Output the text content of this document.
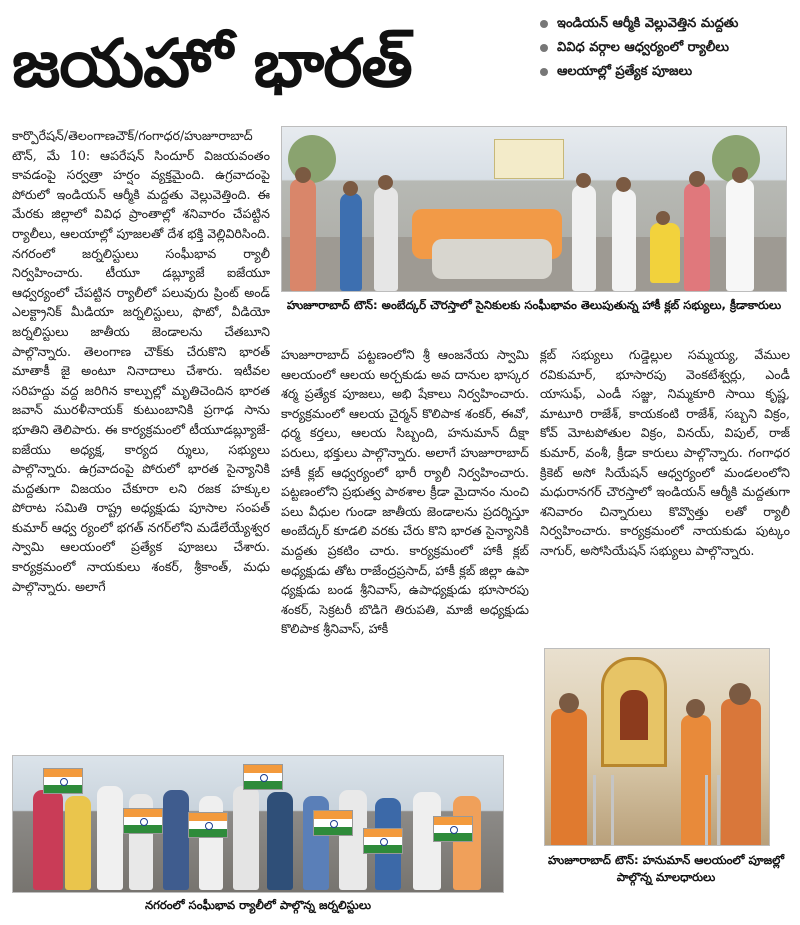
జయహో భారత్
ఇండియన్ ఆర్మీకి వెల్లువెత్తిన మద్దతు
వివిధ వర్గాల ఆధ్వర్యంలో ర్యాలీలు
ఆలయాల్లో ప్రత్యేక పూజలు
కార్పొరేషన్/తెలంగాణచౌక్/గంగాధర/హుజూరాబాద్ టౌన్, మే 10: ఆపరేషన్ సిందూర్ విజయవంతం కావడంపై సర్వత్రా హర్షం వ్యక్తమైంది. ఉగ్రవాదంపై పోరులో ఇండియన్ ఆర్మీకి మద్దతు వెల్లువెత్తింది. ఈ మేరకు జిల్లాలో వివిధ ప్రాంతాల్లో శనివారం చేపట్టిన ర్యాలీలు, ఆలయాల్లో పూజలతో దేశ భక్తి వెల్లివిరిసింది. నగరంలో జర్నలిస్టులు సంఘీభావ ర్యాలీ నిర్వహించారు. టీయూ డబ్ల్యూజే ఐజేయూ ఆధ్వర్యంలో చేపట్టిన ర్యాలీలో పలువురు ప్రింట్ అండ్ ఎలక్ట్రానిక్ మీడియా జర్నలిస్టులు, ఫొటో, వీడియో జర్నలిస్టులు జాతీయ జెండాలను చేతబూని పాల్గొన్నారు. తెలంగాణ చౌక్‌కు చేరుకొని భారత్ మాతాకీ జై అంటూ నినాదాలు చేశారు. ఇటీవల సరిహద్దు వద్ద జరిగిన కాల్పుల్లో మృతిచెందిన భారత జవాన్ మురళీనాయక్ కుటుంబానికి ప్రగాఢ సాను భూతిని తెలిపారు. ఈ కార్యక్రమంలో టీయూడబ్ల్యూజే-ఐజేయు అధ్యక్ష, కార్యద ర్శులు, సభ్యులు పాల్గొన్నారు. ఉగ్రవాదంపై పోరులో భారత సైన్యానికి మద్దతుగా విజయం చేకూరా లని రజక హక్కుల పోరాట సమితి రాష్ట్ర అధ్యక్షుడు పూసాల సంపత్ కుమార్ ఆధ్వ ర్యంలో భగత్ నగర్‌లోని మడేలేయ్యేశ్వర స్వామి ఆలయంలో ప్రత్యేక పూజలు చేశారు. కార్యక్రమంలో నాయకులు శంకర్, శ్రీకాంత్, మధు పాల్గొన్నారు. అలాగే
హుజూరాబాద్ టౌన్: అంబేద్కర్ చౌరస్తాలో సైనికులకు సంఘీభావం తెలుపుతున్న హాకీ క్లబ్ సభ్యులు, క్రీడాకారులు
హుజూరాబాద్ పట్టణంలోని శ్రీ ఆంజనేయ స్వామి ఆలయంలో ఆలయ అర్చకుడు అవ దానుల భాస్కర శర్మ ప్రత్యేక పూజలు, అభి షేకాలు నిర్వహించారు. కార్యక్రమంలో ఆలయ చైర్మన్ కొలిపాక శంకర్, ఈవో, ధర్మ కర్తలు, ఆలయ సిబ్బంది, హనుమాన్ దీక్షా పరులు, భక్తులు పాల్గొన్నారు. అలాగే హుజూరాబాద్ హాకీ క్లబ్ ఆధ్వర్యంలో భారీ ర్యాలీ నిర్వహించారు. పట్టణంలోని ప్రభుత్వ పాఠశాల క్రీడా మైదానం నుంచి పలు వీధుల గుండా జాతీయ జెండాలను ప్రదర్శిస్తూ అంబేద్కర్ కూడలి వరకు చేరు కొని భారత సైన్యానికి మద్దతు ప్రకటిం చారు. కార్యక్రమంలో హాకీ క్లబ్ అధ్యక్షుడు తోట రాజేంద్రప్రసాద్, హాకీ క్లబ్ జిల్లా ఉపా ధ్యక్షుడు బండ శ్రీనివాస్, ఉపాధ్యక్షుడు భూసారపు శంకర్, సెక్రటరీ బొడిగె తిరుపతి, మాజీ అధ్యక్షుడు కొలిపాక శ్రీనివాస్, హాకీ
క్లబ్ సభ్యులు గుడ్డెల్లుల సమ్మయ్య, వేముల రవికుమార్, భూసారపు వెంకటేశ్వర్లు, ఎండీ యాసుఫ్, ఎండీ సజ్జు, నిమ్మకూరి సాయి కృష్ణ, మాటూరి రాజేశ్, కాయకంటి రాజేశ్, సబ్బని విక్రం, కోవ్ మోటపోతుల విక్రం, వినయ్, విపుల్, రాజ్ కుమార్, వంశీ, క్రీడా కారులు పాల్గొన్నారు. గంగాధర క్రికెట్ అసో సియేషన్ ఆధ్వర్యంలో మండలంలోని మధురానగర్ చౌరస్తాలో ఇండియన్ ఆర్మీకి మద్దతుగా శనివారం చిన్నారులు కొవ్వొత్తు లతో ర్యాలీ నిర్వహించారు. కార్యక్రమంలో నాయకుడు పుట్కం నాగుర్, అసోసియేషన్ సభ్యులు పాల్గొన్నారు.
నగరంలో సంఘీభావ ర్యాలీలో పాల్గొన్న జర్నలిస్టులు
హుజూరాబాద్ టౌన్: హనుమాన్ ఆలయంలో పూజల్లో పాల్గొన్న మాలధారులు
